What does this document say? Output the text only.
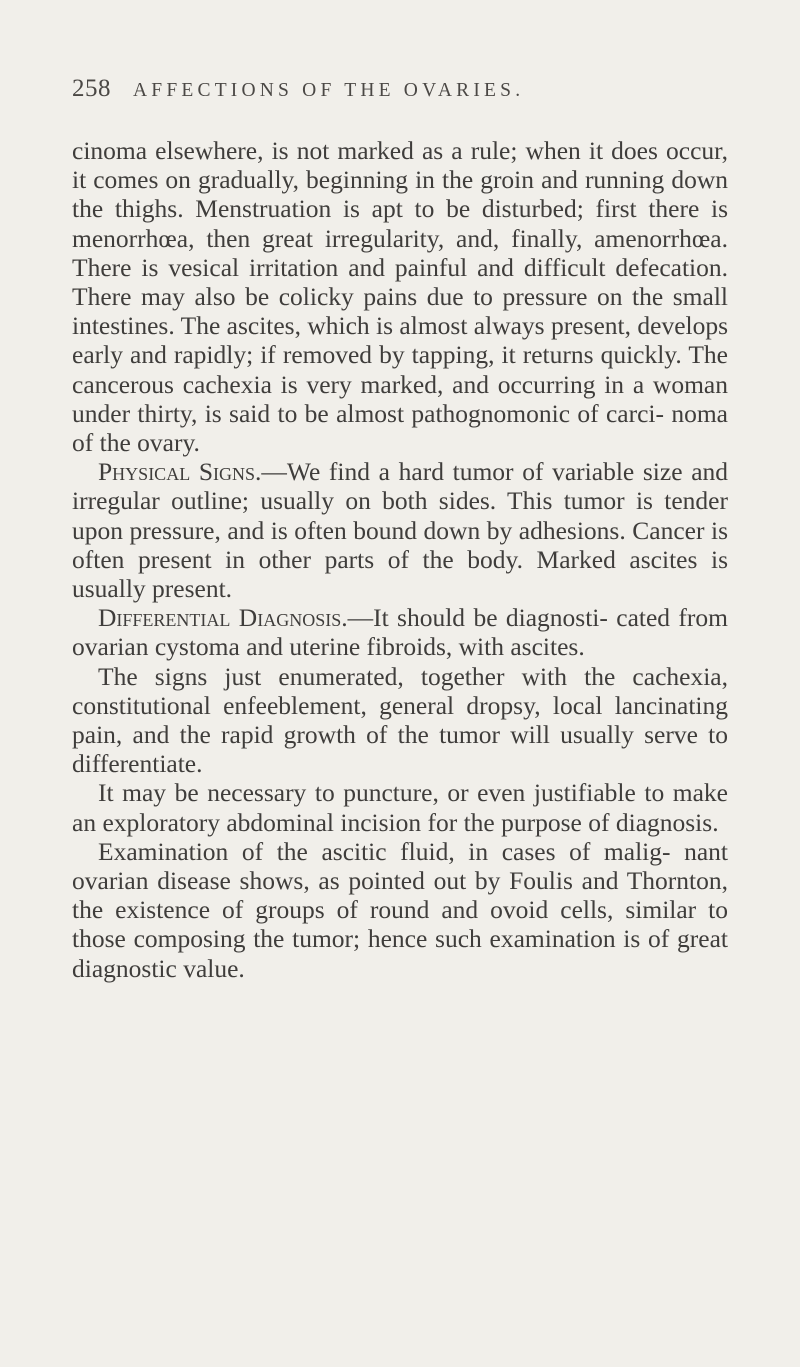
258 AFFECTIONS OF THE OVARIES.

cinoma elsewhere, is not marked as a rule; when it does occur, it comes on gradually, beginning in the groin and running down the thighs. Menstruation is apt to be disturbed; first there is menorrhœa, then great irregularity, and, finally, amenorrhœa. There is vesical irritation and painful and difficult defecation. There may also be colicky pains due to pressure on the small intestines. The ascites, which is almost always present, develops early and rapidly; if removed by tapping, it returns quickly. The cancerous cachexia is very marked, and occurring in a woman under thirty, is said to be almost pathognomonic of carci- noma of the ovary.

Physical Signs.—We find a hard tumor of variable size and irregular outline; usually on both sides. This tumor is tender upon pressure, and is often bound down by adhesions. Cancer is often present in other parts of the body. Marked ascites is usually present.

Differential Diagnosis.—It should be diagnosti- cated from ovarian cystoma and uterine fibroids, with ascites.

The signs just enumerated, together with the cachexia, constitutional enfeeblement, general dropsy, local lancinating pain, and the rapid growth of the tumor will usually serve to differentiate.

It may be necessary to puncture, or even justifiable to make an exploratory abdominal incision for the purpose of diagnosis.

Examination of the ascitic fluid, in cases of malig- nant ovarian disease shows, as pointed out by Foulis and Thornton, the existence of groups of round and ovoid cells, similar to those composing the tumor; hence such examination is of great diagnostic value.
